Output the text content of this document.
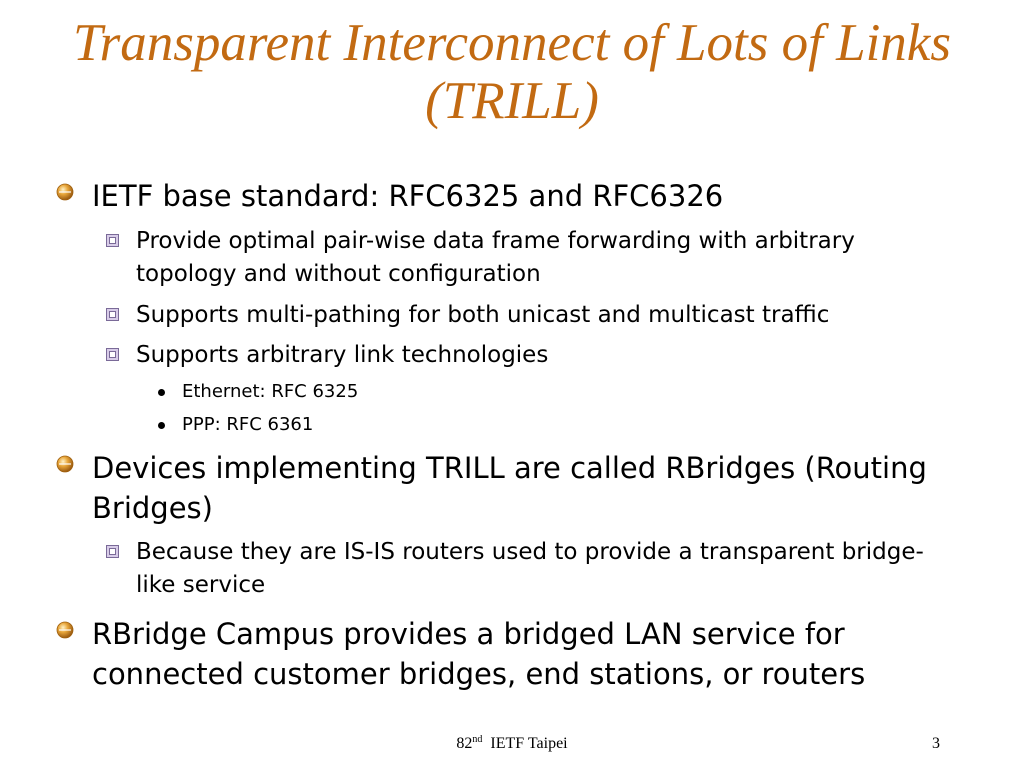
Transparent Interconnect of Lots of Links (TRILL)
IETF base standard: RFC6325 and RFC6326
Provide optimal pair-wise data frame forwarding with arbitrary topology and without configuration
Supports multi-pathing for both unicast and multicast traffic
Supports arbitrary link technologies
Ethernet: RFC 6325
PPP: RFC 6361
Devices implementing TRILL are called RBridges (Routing Bridges)
Because they are IS-IS routers used to provide a transparent bridge-like service
RBridge Campus provides a bridged LAN service for connected customer bridges, end stations, or routers
82nd IETF Taipei	3
